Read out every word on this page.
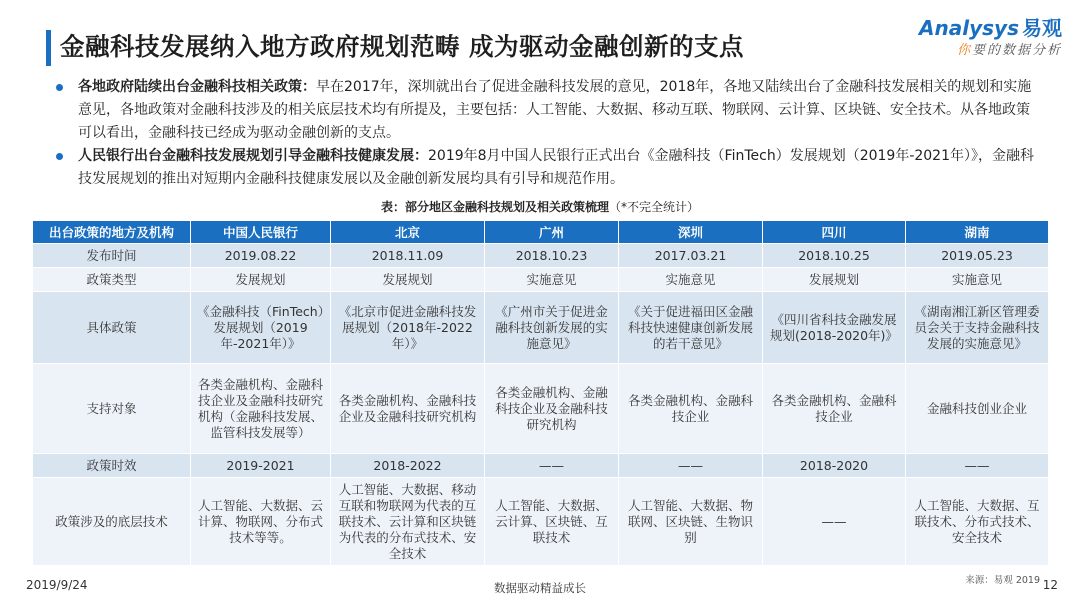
金融科技发展纳入地方政府规划范畴 成为驱动金融创新的支点
Analysys 易观
你要的数据分析
各地政府陆续出台金融科技相关政策：早在2017年，深圳就出台了促进金融科技发展的意见，2018年，各地又陆续出台了金融科技发展相关的规划和实施意见，各地政策对金融科技涉及的相关底层技术均有所提及，主要包括：人工智能、大数据、移动互联、物联网、云计算、区块链、安全技术。从各地政策可以看出，金融科技已经成为驱动金融创新的支点。
人民银行出台金融科技发展规划引导金融科技健康发展：2019年8月中国人民银行正式出台《金融科技（FinTech）发展规划（2019年-2021年）》，金融科技发展规划的推出对短期内金融科技健康发展以及金融创新发展均具有引导和规范作用。
表：部分地区金融科技规划及相关政策梳理（*不完全统计）
出台政策的地方及机构	中国人民银行	北京	广州	深圳	四川	湖南
发布时间	2019.08.22	2018.11.09	2018.10.23	2017.03.21	2018.10.25	2019.05.23
政策类型	发展规划	发展规划	实施意见	实施意见	发展规划	实施意见
具体政策	《金融科技（FinTech）发展规划（2019年-2021年）》	《北京市促进金融科技发展规划（2018年-2022年）》	《广州市关于促进金融科技创新发展的实施意见》	《关于促进福田区金融科技快速健康创新发展的若干意见》	《四川省科技金融发展规划(2018-2020年)》	《湖南湘江新区管理委员会关于支持金融科技发展的实施意见》
支持对象	各类金融机构、金融科技企业及金融科技研究机构（金融科技发展、监管科技发展等）	各类金融机构、金融科技企业及金融科技研究机构	各类金融机构、金融科技企业及金融科技研究机构	各类金融机构、金融科技企业	各类金融机构、金融科技企业	金融科技创业企业
政策时效	2019-2021	2018-2022	——	——	2018-2020	——
政策涉及的底层技术	人工智能、大数据、云计算、物联网、分布式技术等等。	人工智能、大数据、移动互联和物联网为代表的互联技术、云计算和区块链为代表的分布式技术、安全技术	人工智能、大数据、云计算、区块链、互联技术	人工智能、大数据、物联网、区块链、生物识别	——	人工智能、大数据、互联技术、分布式技术、安全技术
2019/9/24	数据驱动精益成长
来源：易观 2019 12
